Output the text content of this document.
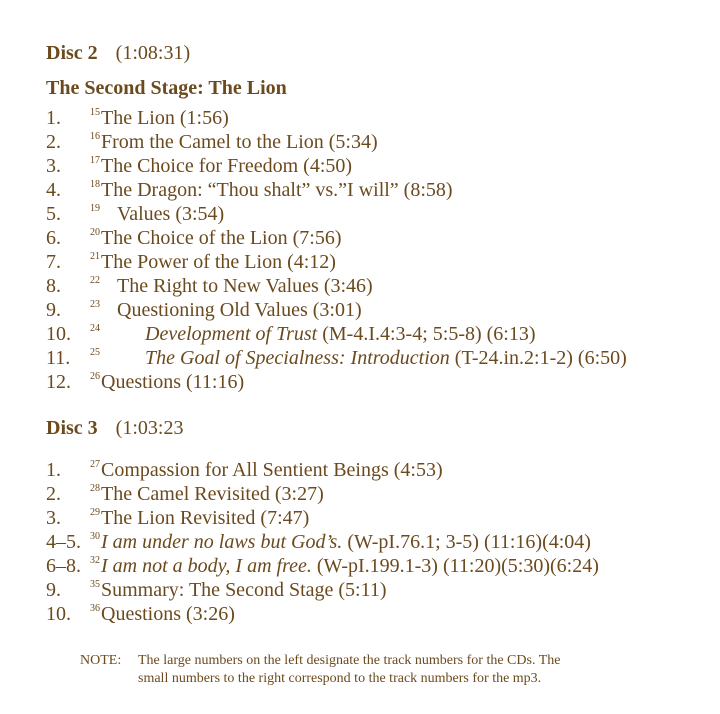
Disc 2 (1:08:31)
The Second Stage: The Lion
1.	$^{15}$The Lion (1:56)
2.	$^{16}$From the Camel to the Lion (5:34)
3.	$^{17}$The Choice for Freedom (4:50)
4.	$^{18}$The Dragon: “Thou shalt” vs.”I will” (8:58)
5.	$^{19}$ Values (3:54)
6.	$^{20}$The Choice of the Lion (7:56)
7.	$^{21}$The Power of the Lion (4:12)
8.	$^{22}$ The Right to New Values (3:46)
9.	$^{23}$ Questioning Old Values (3:01)
10. $^{24}$ Development of Trust (M-4.I.4:3-4; 5:5-8) (6:13)
11. $^{25}$ The Goal of Specialness: Introduction (T-24.in.2:1-2) (6:50)
12. $^{26}$Questions (11:16)
Disc 3 (1:03:23
1.	$^{27}$Compassion for All Sentient Beings (4:53)
2.	$^{28}$The Camel Revisited (3:27)
3.	$^{29}$The Lion Revisited (7:47)
4–5. $^{30}$I am under no laws but God’s. (W-pI.76.1; 3-5) (11:16)(4:04)
6–8. $^{32}$I am not a body, I am free. (W-pI.199.1-3) (11:20)(5:30)(6:24)
9.	$^{35}$Summary: The Second Stage (5:11)
10. $^{36}$Questions (3:26)
NOTE: The large numbers on the left designate the track numbers for the CDs. The
small numbers to the right correspond to the track numbers for the mp3.
